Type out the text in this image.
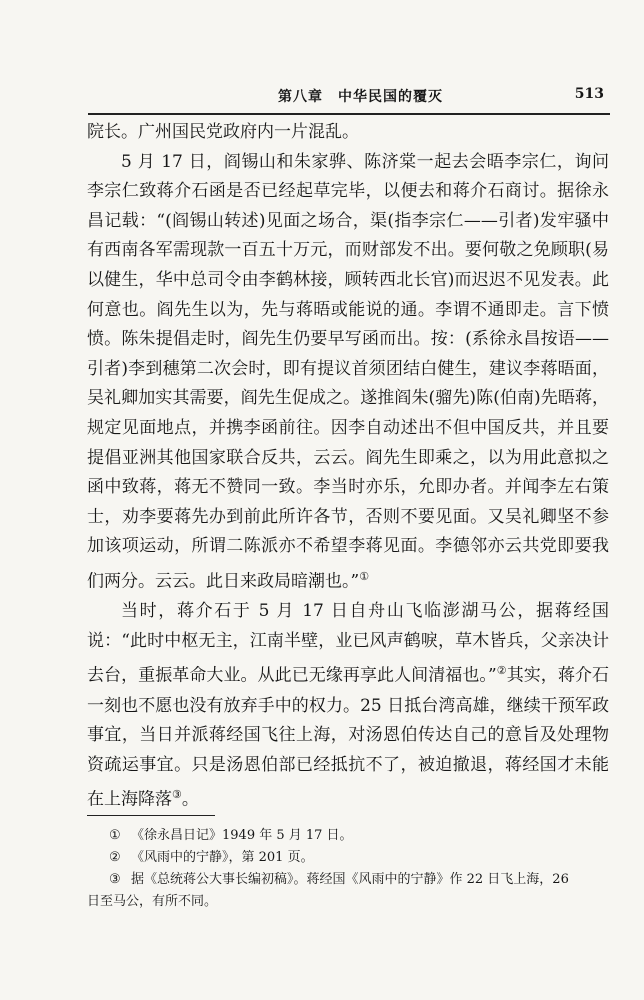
第八章　中华民国的覆灭	513

院长。广州国民党政府内一片混乱。

5 月 17 日，阎锡山和朱家骅、陈济棠一起去会晤李宗仁，询问李宗仁致蒋介石函是否已经起草完毕，以便去和蒋介石商讨。据徐永昌记载：“(阎锡山转述)见面之场合，渠(指李宗仁——引者)发牢骚中有西南各军需现款一百五十万元，而财部发不出。要何敬之免顾职(易以健生，华中总司令由李鹤林接，顾转西北长官)而迟迟不见发表。此何意也。阎先生以为，先与蒋晤或能说的通。李谓不通即走。言下愤愤。陈朱提倡走时，阎先生仍要早写函而出。按：(系徐永昌按语——引者)李到穗第二次会时，即有提议首须团结白健生，建议李蒋晤面，吴礼卿加实其需要，阎先生促成之。遂推阎朱(骝先)陈(伯南)先晤蒋，规定见面地点，并携李函前往。因李自动述出不但中国反共，并且要提倡亚洲其他国家联合反共，云云。阎先生即乘之，以为用此意拟之函中致蒋，蒋无不赞同一致。李当时亦乐，允即办者。并闻李左右策士，劝李要蒋先办到前此所许各节，否则不要见面。又吴礼卿坚不参加该项运动，所谓二陈派亦不希望李蒋见面。李德邻亦云共党即要我们两分。云云。此日来政局暗潮也。”①

当时，蒋介石于 5 月 17 日自舟山飞临澎湖马公，据蒋经国说：“此时中枢无主，江南半壁，业已风声鹤唳，草木皆兵，父亲决计去台，重振革命大业。从此已无缘再享此人间清福也。”②其实，蒋介石一刻也不愿也没有放弃手中的权力。25 日抵台湾高雄，继续干预军政事宜，当日并派蒋经国飞往上海，对汤恩伯传达自己的意旨及处理物资疏运事宜。只是汤恩伯部已经抵抗不了，被迫撤退，蒋经国才未能在上海降落③。

① 《徐永昌日记》1949 年 5 月 17 日。

② 《风雨中的宁静》，第 201 页。

③ 据《总统蒋公大事长编初稿》。蒋经国《风雨中的宁静》作 22 日飞上海，26

日至马公，有所不同。
